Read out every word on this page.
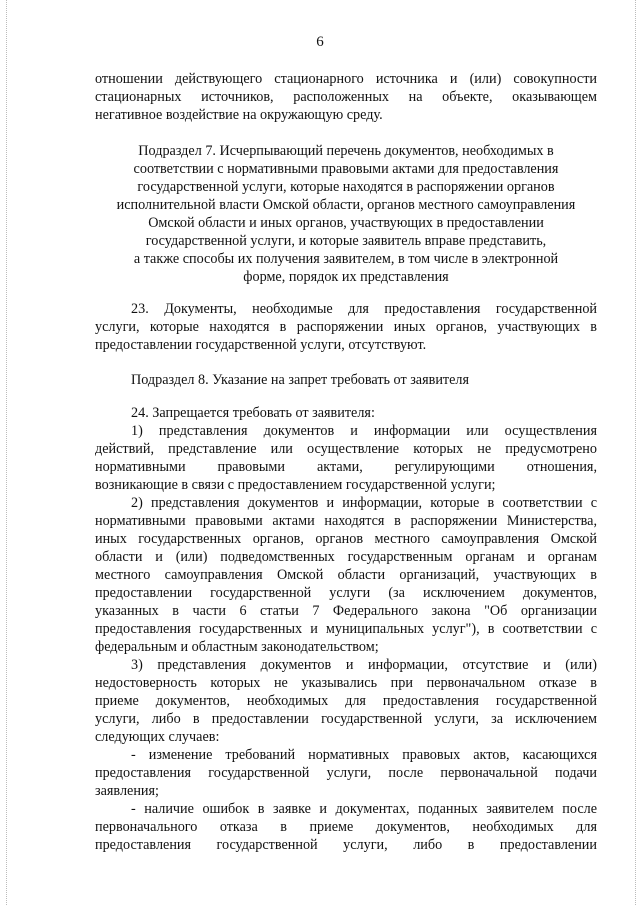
6

отношении действующего стационарного источника и (или) совокупности

стационарных источников, расположенных на объекте, оказывающем

негативное воздействие на окружающую среду.

Подраздел 7. Исчерпывающий перечень документов, необходимых в

соответствии с нормативными правовыми актами для предоставления

государственной услуги, которые находятся в распоряжении органов

исполнительной власти Омской области, органов местного самоуправления

Омской области и иных органов, участвующих в предоставлении

государственной услуги, и которые заявитель вправе представить,

а также способы их получения заявителем, в том числе в электронной

форме, порядок их представления

23. Документы, необходимые для предоставления государственной

услуги, которые находятся в распоряжении иных органов, участвующих в

предоставлении государственной услуги, отсутствуют.

Подраздел 8. Указание на запрет требовать от заявителя

24. Запрещается требовать от заявителя:

1) представления документов и информации или осуществления

действий, представление или осуществление которых не предусмотрено

нормативными правовыми актами, регулирующими отношения,

возникающие в связи с предоставлением государственной услуги;

2) представления документов и информации, которые в соответствии с

нормативными правовыми актами находятся в распоряжении Министерства,

иных государственных органов, органов местного самоуправления Омской

области и (или) подведомственных государственным органам и органам

местного самоуправления Омской области организаций, участвующих в

предоставлении государственной услуги (за исключением документов,

указанных в части 6 статьи 7 Федерального закона "Об организации

предоставления государственных и муниципальных услуг"), в соответствии с

федеральным и областным законодательством;

3) представления документов и информации, отсутствие и (или)

недостоверность которых не указывались при первоначальном отказе в

приеме документов, необходимых для предоставления государственной

услуги, либо в предоставлении государственной услуги, за исключением

следующих случаев:

- изменение требований нормативных правовых актов, касающихся

предоставления государственной услуги, после первоначальной подачи

заявления;

- наличие ошибок в заявке и документах, поданных заявителем после

первоначального отказа в приеме документов, необходимых для

предоставления государственной услуги, либо в предоставлении
